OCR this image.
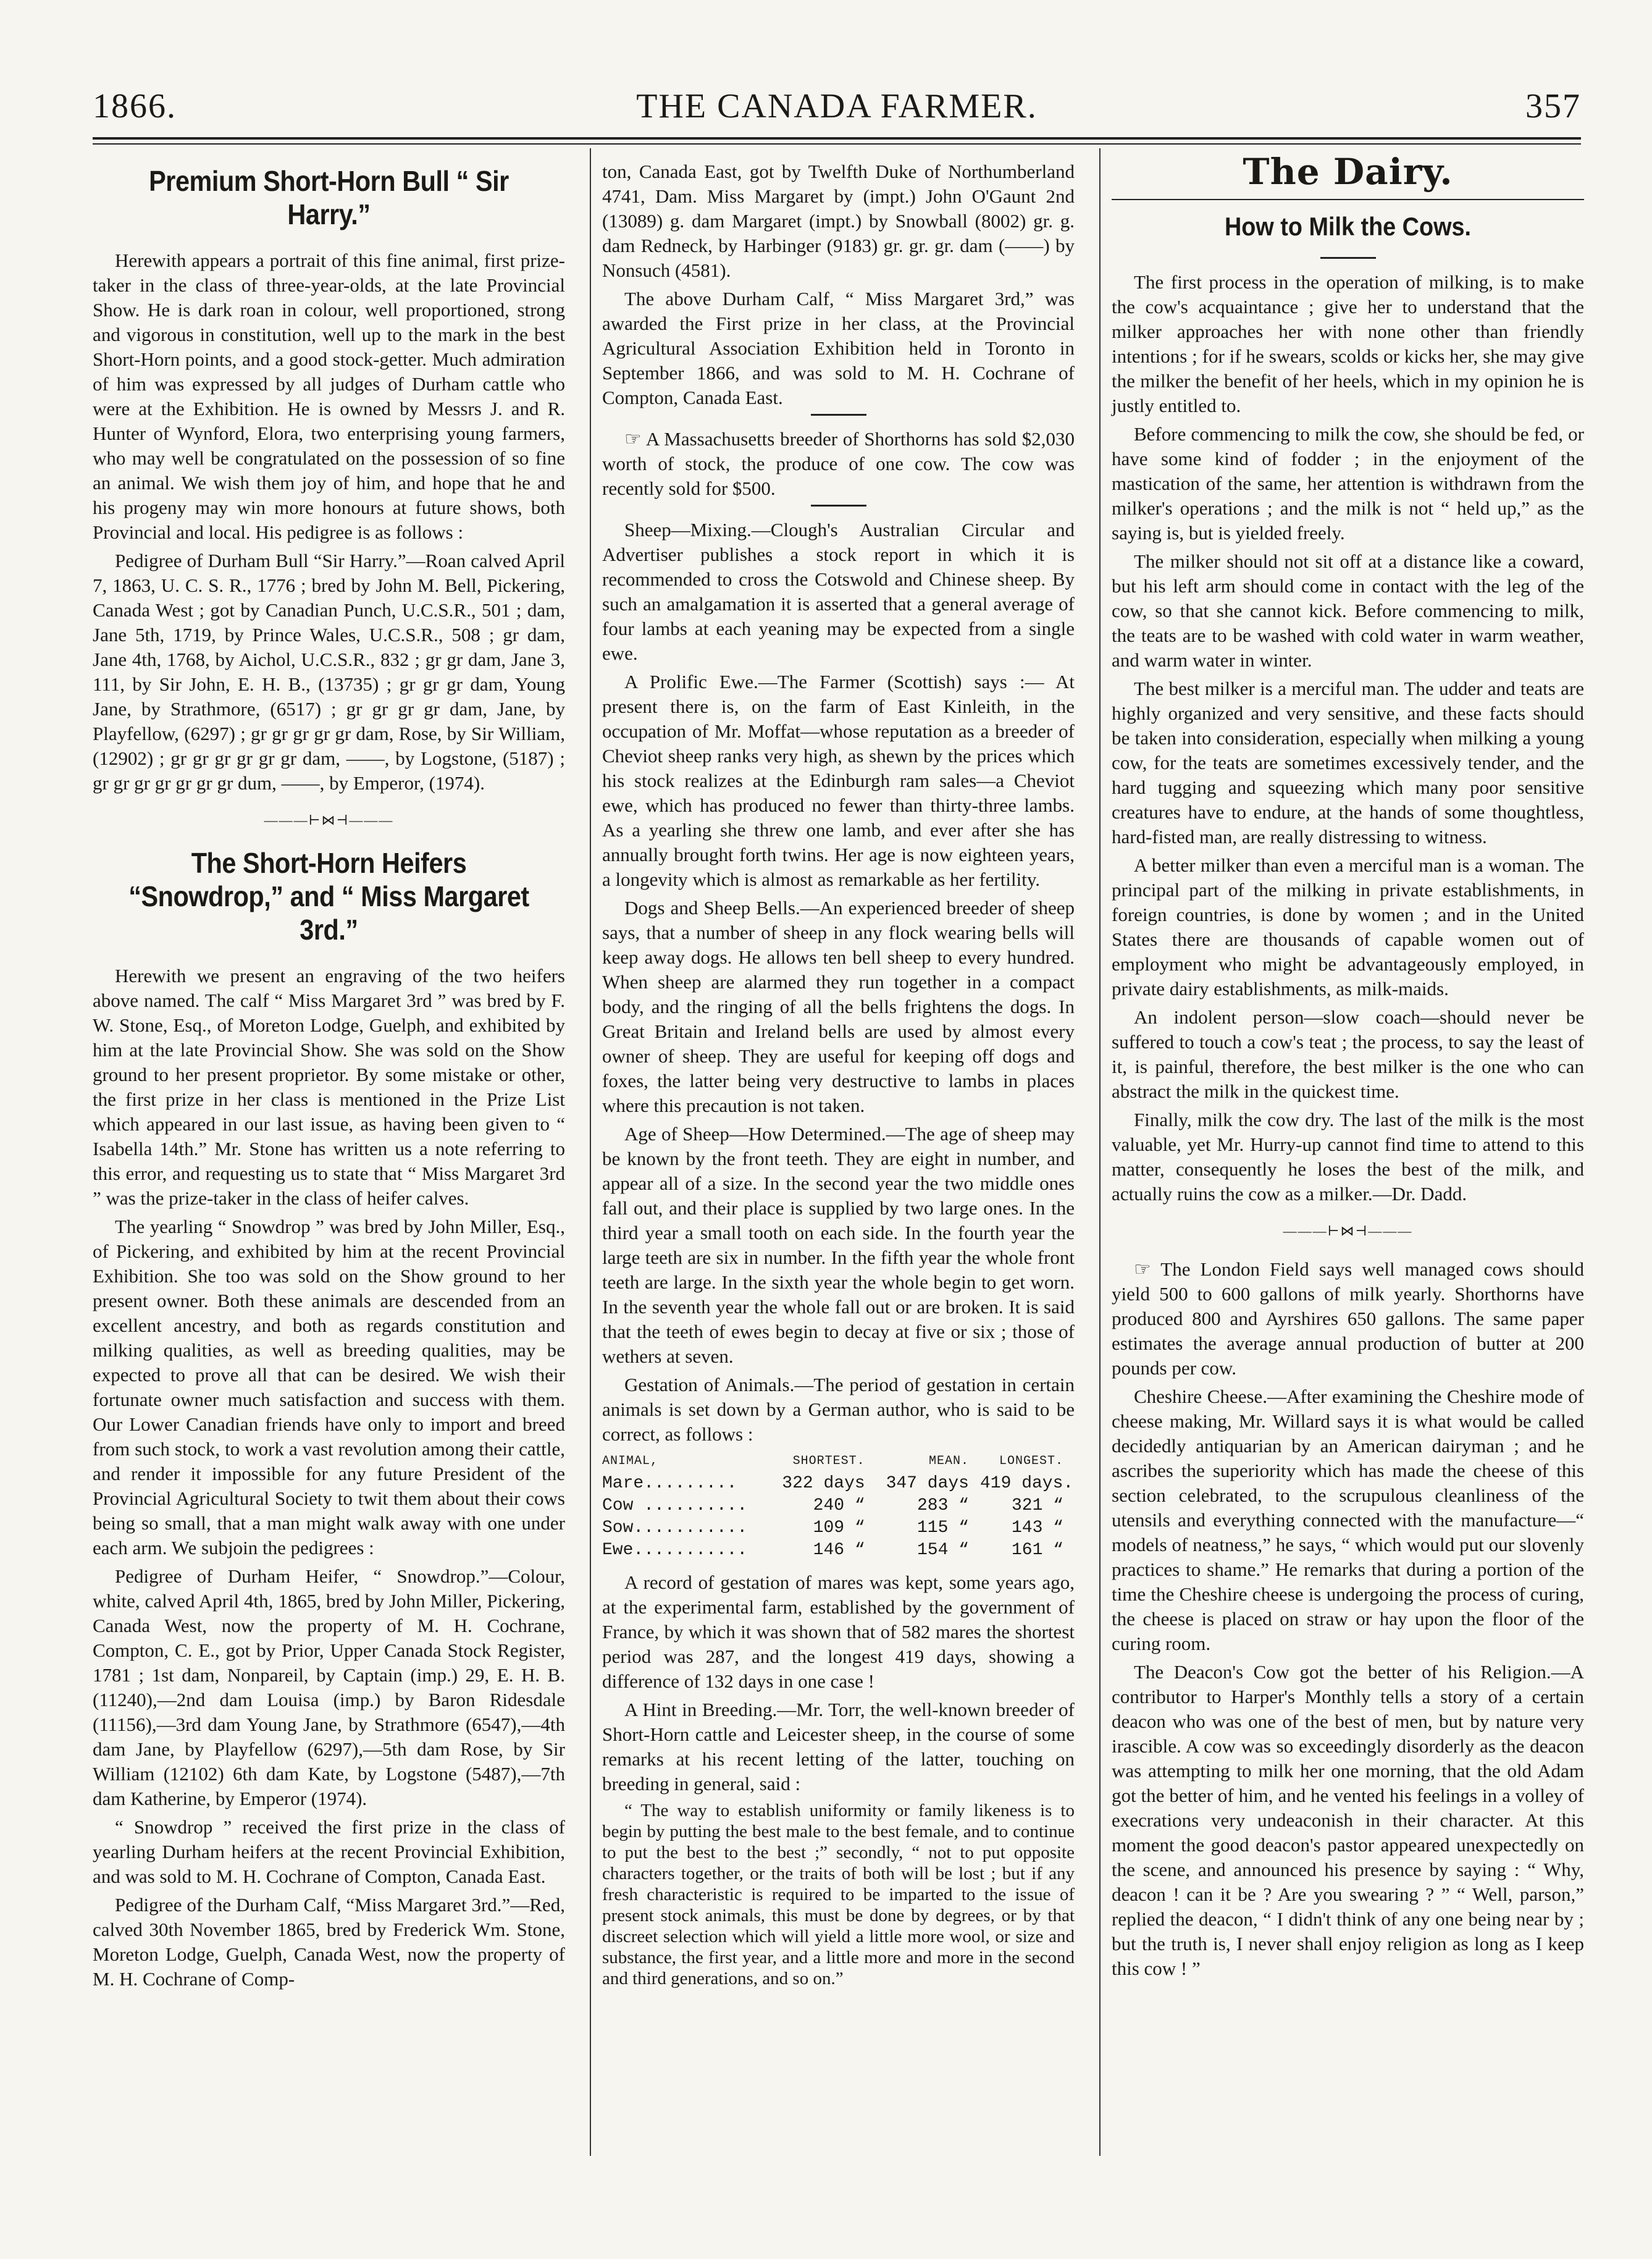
1866.	THE CANADA FARMER.	357
Premium Short-Horn Bull “ Sir Harry.”

Herewith appears a portrait of this fine animal, first prize-taker in the class of three-year-olds, at the late Provincial Show. He is dark roan in colour, well proportioned, strong and vigorous in constitution, well up to the mark in the best Short-Horn points, and a good stock-getter. Much admiration of him was expressed by all judges of Durham cattle who were at the Exhibition. He is owned by Messrs J. and R. Hunter of Wynford, Elora, two enterprising young farmers, who may well be congratulated on the possession of so fine an animal. We wish them joy of him, and hope that he and his progeny may win more honours at future shows, both Provincial and local. His pedigree is as follows :

Pedigree of Durham Bull “Sir Harry.”—Roan calved April 7, 1863, U. C. S. R., 1776 ; bred by John M. Bell, Pickering, Canada West ; got by Canadian Punch, U.C.S.R., 501 ; dam, Jane 5th, 1719, by Prince Wales, U.C.S.R., 508 ; gr dam, Jane 4th, 1768, by Aichol, U.C.S.R., 832 ; gr gr dam, Jane 3, 111, by Sir John, E. H. B., (13735) ; gr gr gr dam, Young Jane, by Strathmore, (6517) ; gr gr gr gr dam, Jane, by Playfellow, (6297) ; gr gr gr gr gr dam, Rose, by Sir William, (12902) ; gr gr gr gr gr gr dam, ——, by Logstone, (5187) ; gr gr gr gr gr gr gr dum, ——, by Emperor, (1974).

———⊢⋈⊣———
The Short-Horn Heifers “Snowdrop,” and “ Miss Margaret 3rd.”

Herewith we present an engraving of the two heifers above named. The calf “ Miss Margaret 3rd ” was bred by F. W. Stone, Esq., of Moreton Lodge, Guelph, and exhibited by him at the late Provincial Show. She was sold on the Show ground to her present proprietor. By some mistake or other, the first prize in her class is mentioned in the Prize List which appeared in our last issue, as having been given to “ Isabella 14th.” Mr. Stone has written us a note referring to this error, and requesting us to state that “ Miss Margaret 3rd ” was the prize-taker in the class of heifer calves.

The yearling “ Snowdrop ” was bred by John Miller, Esq., of Pickering, and exhibited by him at the recent Provincial Exhibition. She too was sold on the Show ground to her present owner. Both these animals are descended from an excellent ancestry, and both as regards constitution and milking qualities, as well as breeding qualities, may be expected to prove all that can be desired. We wish their fortunate owner much satisfaction and success with them. Our Lower Canadian friends have only to import and breed from such stock, to work a vast revolution among their cattle, and render it impossible for any future President of the Provincial Agricultural Society to twit them about their cows being so small, that a man might walk away with one under each arm. We subjoin the pedigrees :

Pedigree of Durham Heifer, “ Snowdrop.”—Colour, white, calved April 4th, 1865, bred by John Miller, Pickering, Canada West, now the property of M. H. Cochrane, Compton, C. E., got by Prior, Upper Canada Stock Register, 1781 ; 1st dam, Nonpareil, by Captain (imp.) 29, E. H. B. (11240),—2nd dam Louisa (imp.) by Baron Ridesdale (11156),—3rd dam Young Jane, by Strathmore (6547),—4th dam Jane, by Playfellow (6297),—5th dam Rose, by Sir William (12102) 6th dam Kate, by Logstone (5487),—7th dam Katherine, by Emperor (1974).

“ Snowdrop ” received the first prize in the class of yearling Durham heifers at the recent Provincial Exhibition, and was sold to M. H. Cochrane of Compton, Canada East.

Pedigree of the Durham Calf, “Miss Margaret 3rd.”—Red, calved 30th November 1865, bred by Frederick Wm. Stone, Moreton Lodge, Guelph, Canada West, now the property of M. H. Cochrane of Comp-

ton, Canada East, got by Twelfth Duke of Northumberland 4741, Dam. Miss Margaret by (impt.) John O'Gaunt 2nd (13089) g. dam Margaret (impt.) by Snowball (8002) gr. g. dam Redneck, by Harbinger (9183) gr. gr. gr. dam (——) by Nonsuch (4581).

The above Durham Calf, “ Miss Margaret 3rd,” was awarded the First prize in her class, at the Provincial Agricultural Association Exhibition held in Toronto in September 1866, and was sold to M. H. Cochrane of Compton, Canada East.

☞ A Massachusetts breeder of Shorthorns has sold $2,030 worth of stock, the produce of one cow. The cow was recently sold for $500.

Sheep—Mixing.—Clough's Australian Circular and Advertiser publishes a stock report in which it is recommended to cross the Cotswold and Chinese sheep. By such an amalgamation it is asserted that a general average of four lambs at each yeaning may be expected from a single ewe.

A Prolific Ewe.—The Farmer (Scottish) says :— At present there is, on the farm of East Kinleith, in the occupation of Mr. Moffat—whose reputation as a breeder of Cheviot sheep ranks very high, as shewn by the prices which his stock realizes at the Edinburgh ram sales—a Cheviot ewe, which has produced no fewer than thirty-three lambs. As a yearling she threw one lamb, and ever after she has annually brought forth twins. Her age is now eighteen years, a longevity which is almost as remarkable as her fertility.

Dogs and Sheep Bells.—An experienced breeder of sheep says, that a number of sheep in any flock wearing bells will keep away dogs. He allows ten bell sheep to every hundred. When sheep are alarmed they run together in a compact body, and the ringing of all the bells frightens the dogs. In Great Britain and Ireland bells are used by almost every owner of sheep. They are useful for keeping off dogs and foxes, the latter being very destructive to lambs in places where this precaution is not taken.

Age of Sheep—How Determined.—The age of sheep may be known by the front teeth. They are eight in number, and appear all of a size. In the second year the two middle ones fall out, and their place is supplied by two large ones. In the third year a small tooth on each side. In the fourth year the large teeth are six in number. In the fifth year the whole front teeth are large. In the sixth year the whole begin to get worn. In the seventh year the whole fall out or are broken. It is said that the teeth of ewes begin to decay at five or six ; those of wethers at seven.

Gestation of Animals.—The period of gestation in certain animals is set down by a German author, who is said to be correct, as follows :

ANIMAL,	SHORTEST.	MEAN.	LONGEST.
Mare.........	322 days	347 days 419 days.
Cow ..........	240 “	283 “	321 “
Sow...........	109 “	115 “	143 “
Ewe...........	146 “	154 “	161 “

A record of gestation of mares was kept, some years ago, at the experimental farm, established by the government of France, by which it was shown that of 582 mares the shortest period was 287, and the longest 419 days, showing a difference of 132 days in one case !

A Hint in Breeding.—Mr. Torr, the well-known breeder of Short-Horn cattle and Leicester sheep, in the course of some remarks at his recent letting of the latter, touching on breeding in general, said :

“ The way to establish uniformity or family likeness is to begin by putting the best male to the best female, and to continue to put the best to the best ;” secondly, “ not to put opposite characters together, or the traits of both will be lost ; but if any fresh characteristic is required to be imparted to the issue of present stock animals, this must be done by degrees, or by that discreet selection which will yield a little more wool, or size and substance, the first year, and a little more and more in the second and third generations, and so on.”

The Dairy.
How to Milk the Cows.

The first process in the operation of milking, is to make the cow's acquaintance ; give her to understand that the milker approaches her with none other than friendly intentions ; for if he swears, scolds or kicks her, she may give the milker the benefit of her heels, which in my opinion he is justly entitled to.

Before commencing to milk the cow, she should be fed, or have some kind of fodder ; in the enjoyment of the mastication of the same, her attention is withdrawn from the milker's operations ; and the milk is not “ held up,” as the saying is, but is yielded freely.

The milker should not sit off at a distance like a coward, but his left arm should come in contact with the leg of the cow, so that she cannot kick. Before commencing to milk, the teats are to be washed with cold water in warm weather, and warm water in winter.

The best milker is a merciful man. The udder and teats are highly organized and very sensitive, and these facts should be taken into consideration, especially when milking a young cow, for the teats are sometimes excessively tender, and the hard tugging and squeezing which many poor sensitive creatures have to endure, at the hands of some thoughtless, hard-fisted man, are really distressing to witness.

A better milker than even a merciful man is a woman. The principal part of the milking in private establishments, in foreign countries, is done by women ; and in the United States there are thousands of capable women out of employment who might be advantageously employed, in private dairy establishments, as milk-maids.

An indolent person—slow coach—should never be suffered to touch a cow's teat ; the process, to say the least of it, is painful, therefore, the best milker is the one who can abstract the milk in the quickest time.

Finally, milk the cow dry. The last of the milk is the most valuable, yet Mr. Hurry-up cannot find time to attend to this matter, consequently he loses the best of the milk, and actually ruins the cow as a milker.—Dr. Dadd.

———⊢⋈⊣———

☞ The London Field says well managed cows should yield 500 to 600 gallons of milk yearly. Shorthorns have produced 800 and Ayrshires 650 gallons. The same paper estimates the average annual production of butter at 200 pounds per cow.

Cheshire Cheese.—After examining the Cheshire mode of cheese making, Mr. Willard says it is what would be called decidedly antiquarian by an American dairyman ; and he ascribes the superiority which has made the cheese of this section celebrated, to the scrupulous cleanliness of the utensils and everything connected with the manufacture—“ models of neatness,” he says, “ which would put our slovenly practices to shame.” He remarks that during a portion of the time the Cheshire cheese is undergoing the process of curing, the cheese is placed on straw or hay upon the floor of the curing room.

The Deacon's Cow got the better of his Religion.—A contributor to Harper's Monthly tells a story of a certain deacon who was one of the best of men, but by nature very irascible. A cow was so exceedingly disorderly as the deacon was attempting to milk her one morning, that the old Adam got the better of him, and he vented his feelings in a volley of execrations very undeaconish in their character. At this moment the good deacon's pastor appeared unexpectedly on the scene, and announced his presence by saying : “ Why, deacon ! can it be ? Are you swearing ? ” “ Well, parson,” replied the deacon, “ I didn't think of any one being near by ; but the truth is, I never shall enjoy religion as long as I keep this cow ! ”
